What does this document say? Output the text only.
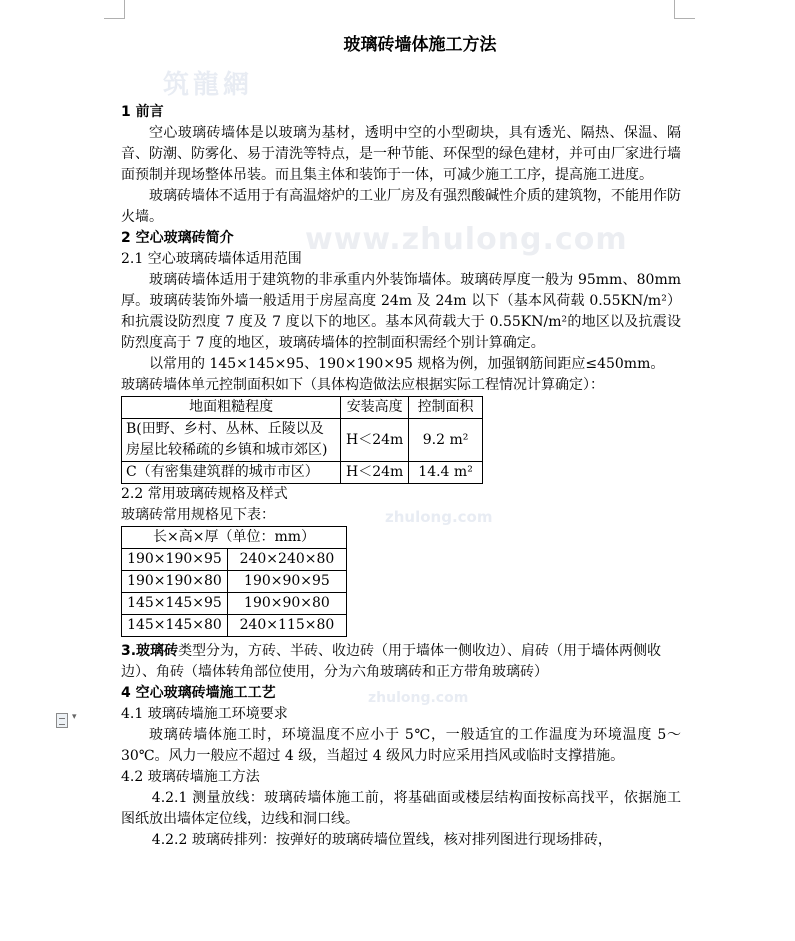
筑龍網
www.zhulong.com
zhulong.com
zhulong.com
玻璃砖墙体施工方法
▾
1 前言

空心玻璃砖墙体是以玻璃为基材，透明中空的小型砌块，具有透光、隔热、保温、隔音、防潮、防雾化、易于清洗等特点，是一种节能、环保型的绿色建材，并可由厂家进行墙面预制并现场整体吊装。而且集主体和装饰于一体，可减少施工工序，提高施工进度。

玻璃砖墙体不适用于有高温熔炉的工业厂房及有强烈酸碱性介质的建筑物，不能用作防火墙。

2 空心玻璃砖简介

2.1 空心玻璃砖墙体适用范围

玻璃砖墙体适用于建筑物的非承重内外装饰墙体。玻璃砖厚度一般为 95mm、80mm 厚。玻璃砖装饰外墙一般适用于房屋高度 24m 及 24m 以下（基本风荷载 0.55KN/m²）和抗震设防烈度 7 度及 7 度以下的地区。基本风荷载大于 0.55KN/m²的地区以及抗震设防烈度高于 7 度的地区，玻璃砖墙体的控制面积需经个别计算确定。

以常用的 145×145×95、190×190×95 规格为例，加强钢筋间距应≤450mm。

玻璃砖墙体单元控制面积如下（具体构造做法应根据实际工程情况计算确定）：

地面粗糙程度	安装高度	控制面积
B(田野、乡村、丛林、丘陵以及房屋比较稀疏的乡镇和城市郊区)	H＜24m	9.2 m²
C（有密集建筑群的城市市区）	H＜24m	14.4 m²

2.2 常用玻璃砖规格及样式

玻璃砖常用规格见下表：

长×高×厚（单位：mm）	
190×190×95	240×240×80
190×190×80	190×90×95
145×145×95	190×90×80
145×145×80	240×115×80

3.玻璃砖类型分为，方砖、半砖、收边砖（用于墙体一侧收边）、肩砖（用于墙体两侧收边）、角砖（墙体转角部位使用，分为六角玻璃砖和正方带角玻璃砖）

4 空心玻璃砖墙施工工艺

4.1 玻璃砖墙施工环境要求

玻璃砖墙体施工时，环境温度不应小于 5℃，一般适宜的工作温度为环境温度 5～30℃。风力一般应不超过 4 级，当超过 4 级风力时应采用挡风或临时支撑措施。

4.2 玻璃砖墙施工方法

4.2.1 测量放线：玻璃砖墙体施工前，将基础面或楼层结构面按标高找平，依据施工图纸放出墙体定位线，边线和洞口线。

4.2.2 玻璃砖排列：按弹好的玻璃砖墙位置线，核对排列图进行现场排砖，
